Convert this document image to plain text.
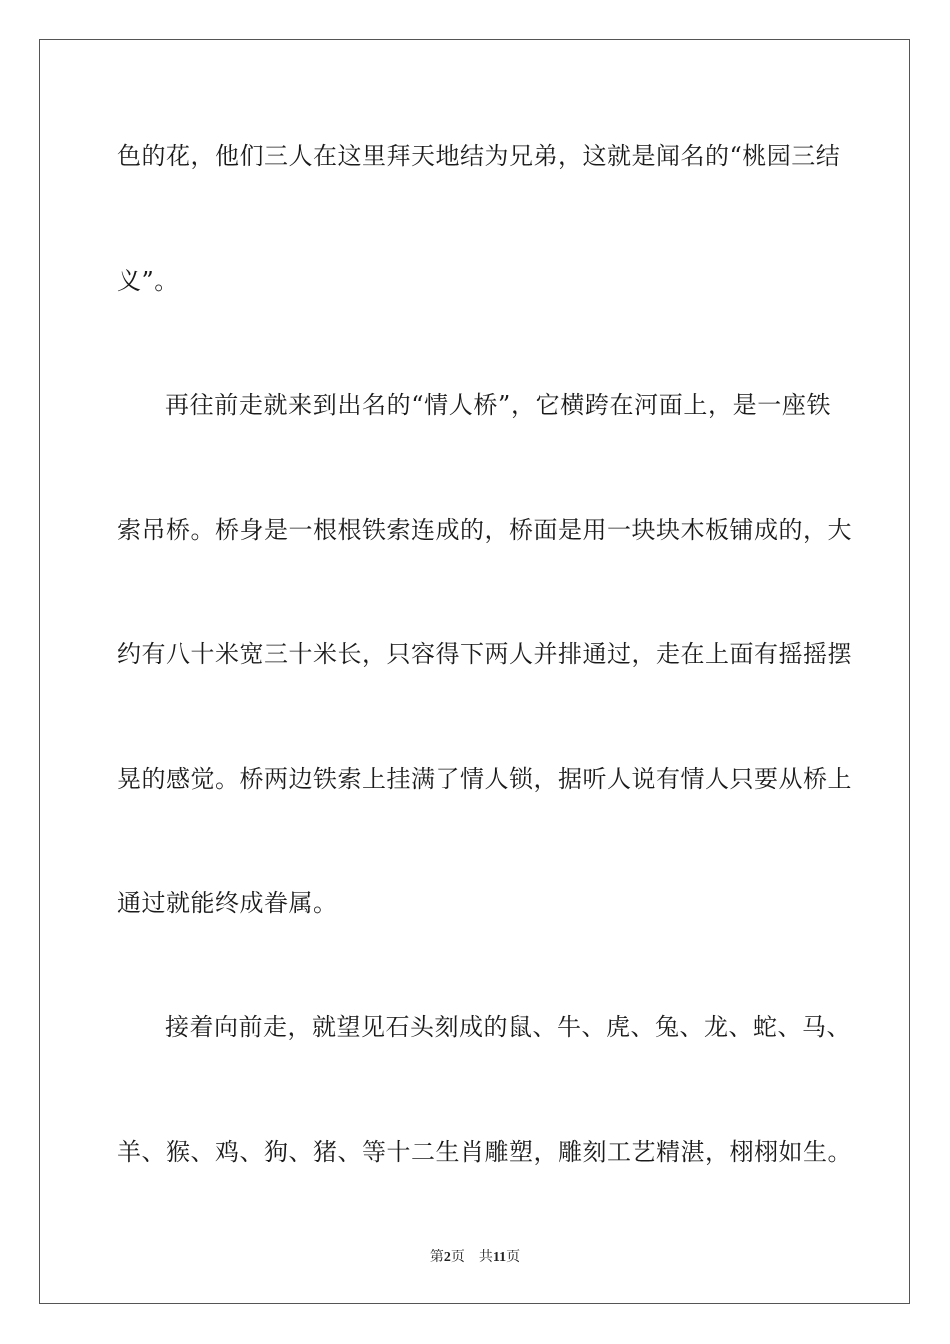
色的花，他们三人在这里拜天地结为兄弟，这就是闻名的“桃园三结
义”。
再往前走就来到出名的“情人桥”，它横跨在河面上，是一座铁
索吊桥。桥身是一根根铁索连成的，桥面是用一块块木板铺成的，大
约有八十米宽三十米长，只容得下两人并排通过，走在上面有摇摇摆
晃的感觉。桥两边铁索上挂满了情人锁，据听人说有情人只要从桥上
通过就能终成眷属。
接着向前走，就望见石头刻成的鼠、牛、虎、兔、龙、蛇、马、
羊、猴、鸡、狗、猪、等十二生肖雕塑，雕刻工艺精湛，栩栩如生。
第2页 共11页
